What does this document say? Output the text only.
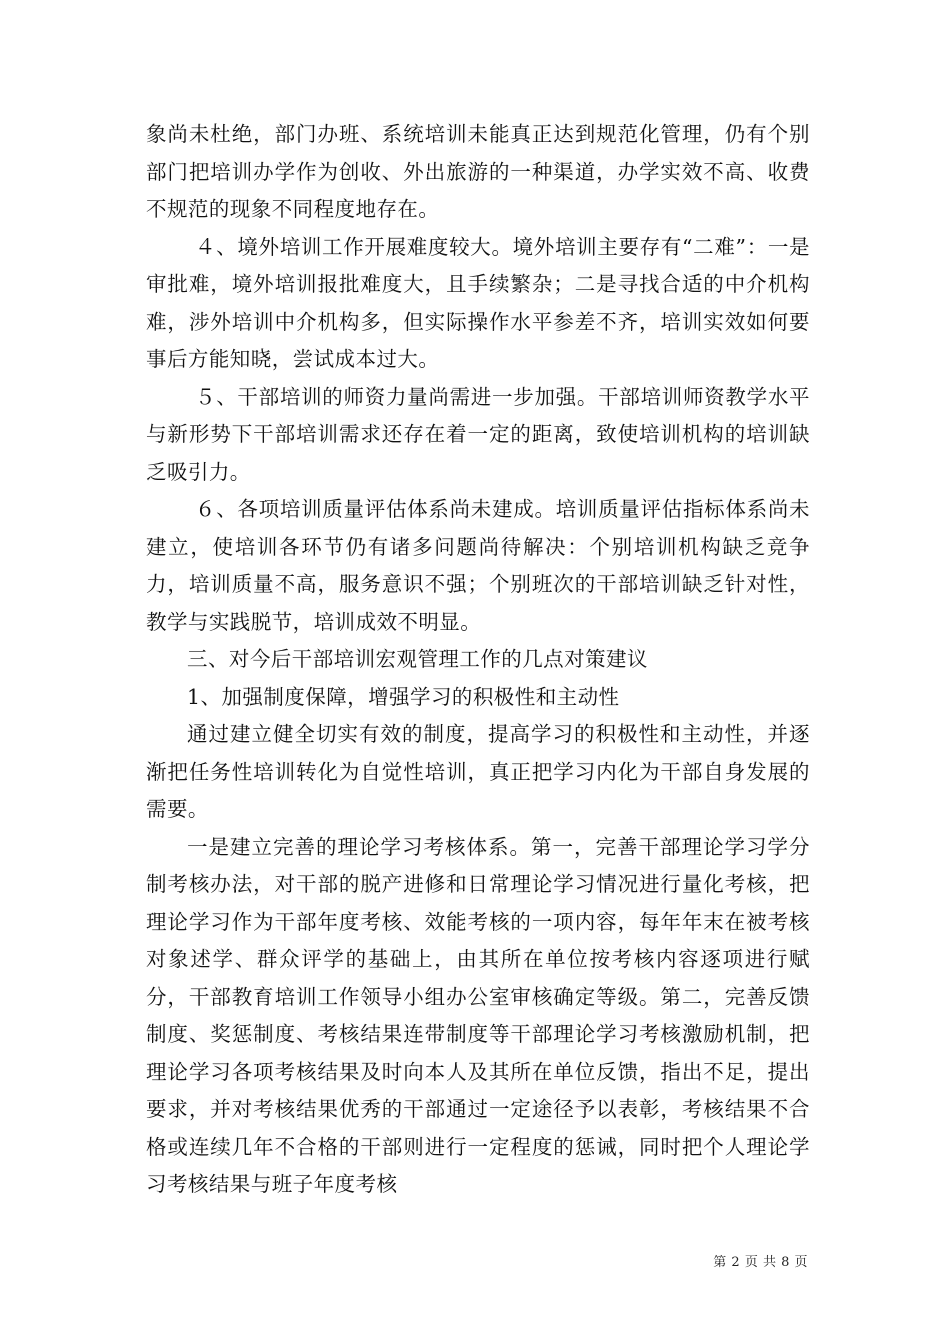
象尚未杜绝，部门办班、系统培训未能真正达到规范化管理，仍有个别部门把培训办学作为创收、外出旅游的一种渠道，办学实效不高、收费不规范的现象不同程度地存在。

４、境外培训工作开展难度较大。境外培训主要存有“二难”：一是审批难，境外培训报批难度大，且手续繁杂；二是寻找合适的中介机构难，涉外培训中介机构多，但实际操作水平参差不齐，培训实效如何要事后方能知晓，尝试成本过大。

５、干部培训的师资力量尚需进一步加强。干部培训师资教学水平与新形势下干部培训需求还存在着一定的距离，致使培训机构的培训缺乏吸引力。

６、各项培训质量评估体系尚未建成。培训质量评估指标体系尚未建立，使培训各环节仍有诸多问题尚待解决：个别培训机构缺乏竞争力，培训质量不高，服务意识不强；个别班次的干部培训缺乏针对性，教学与实践脱节，培训成效不明显。

三、对今后干部培训宏观管理工作的几点对策建议

1、加强制度保障，增强学习的积极性和主动性

通过建立健全切实有效的制度，提高学习的积极性和主动性，并逐渐把任务性培训转化为自觉性培训，真正把学习内化为干部自身发展的需要。

一是建立完善的理论学习考核体系。第一，完善干部理论学习学分制考核办法，对干部的脱产进修和日常理论学习情况进行量化考核，把理论学习作为干部年度考核、效能考核的一项内容，每年年末在被考核对象述学、群众评学的基础上，由其所在单位按考核内容逐项进行赋分，干部教育培训工作领导小组办公室审核确定等级。第二，完善反馈制度、奖惩制度、考核结果连带制度等干部理论学习考核激励机制，把理论学习各项考核结果及时向本人及其所在单位反馈，指出不足，提出要求，并对考核结果优秀的干部通过一定途径予以表彰，考核结果不合格或连续几年不合格的干部则进行一定程度的惩诫，同时把个人理论学习考核结果与班子年度考核

第 2 页 共 8 页
